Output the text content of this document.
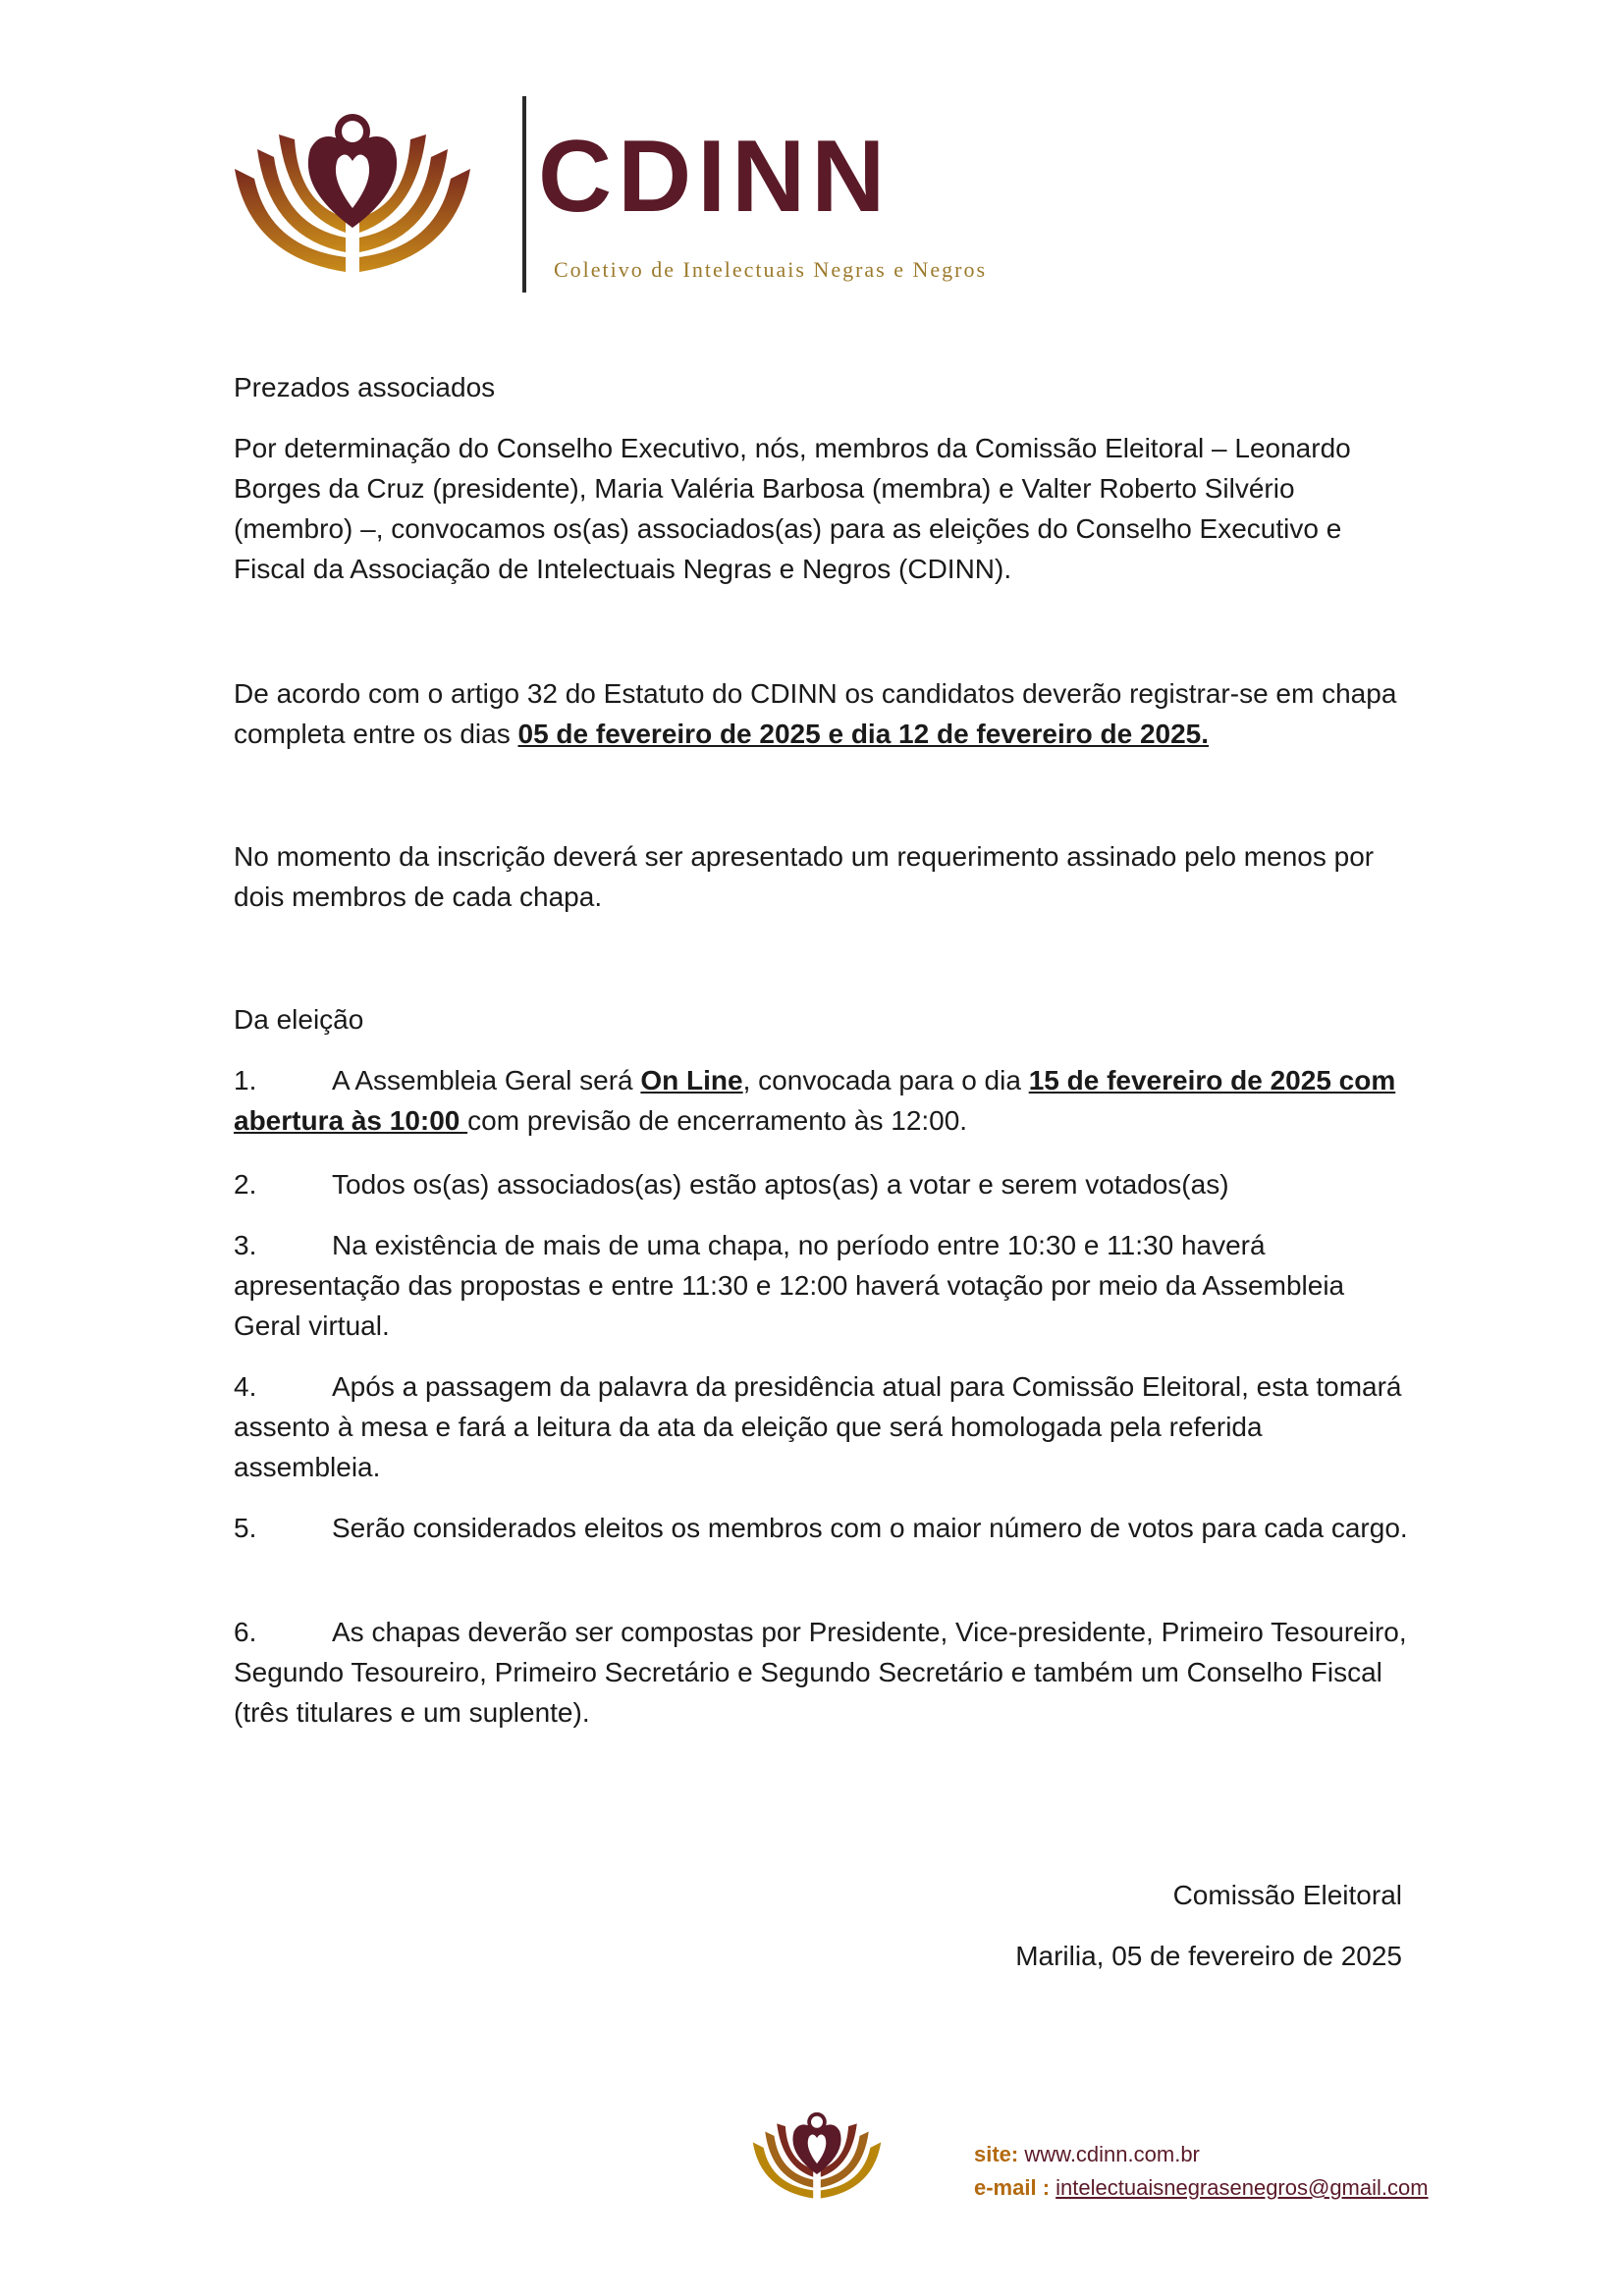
CDINN
Coletivo de Intelectuais Negras e Negros

Prezados associados

Por determinação do Conselho Executivo, nós, membros da Comissão Eleitoral – Leonardo Borges da Cruz (presidente), Maria Valéria Barbosa (membra) e Valter Roberto Silvério (membro) –, convocamos os(as) associados(as) para as eleições do Conselho Executivo e Fiscal da Associação de Intelectuais Negras e Negros (CDINN).

De acordo com o artigo 32 do Estatuto do CDINN os candidatos deverão registrar-se em chapa completa entre os dias 05 de fevereiro de 2025 e dia 12 de fevereiro de 2025.

No momento da inscrição deverá ser apresentado um requerimento assinado pelo menos por dois membros de cada chapa.

Da eleição

1.	A Assembleia Geral será On Line, convocada para o dia 15 de fevereiro de 2025 com abertura às 10:00 com previsão de encerramento às 12:00.

2.	Todos os(as) associados(as) estão aptos(as) a votar e serem votados(as)

3.	Na existência de mais de uma chapa, no período entre 10:30 e 11:30 haverá apresentação das propostas e entre 11:30 e 12:00 haverá votação por meio da Assembleia Geral virtual.

4.	Após a passagem da palavra da presidência atual para Comissão Eleitoral, esta tomará assento à mesa e fará a leitura da ata da eleição que será homologada pela referida assembleia.

5.	Serão considerados eleitos os membros com o maior número de votos para cada cargo.

6.	As chapas deverão ser compostas por Presidente, Vice-presidente, Primeiro Tesoureiro, Segundo Tesoureiro, Primeiro Secretário e Segundo Secretário e também um Conselho Fiscal (três titulares e um suplente).

Comissão Eleitoral
Marilia, 05 de fevereiro de 2025
site: www.cdinn.com.br
e-mail : intelectuaisnegrasenegros@gmail.com
